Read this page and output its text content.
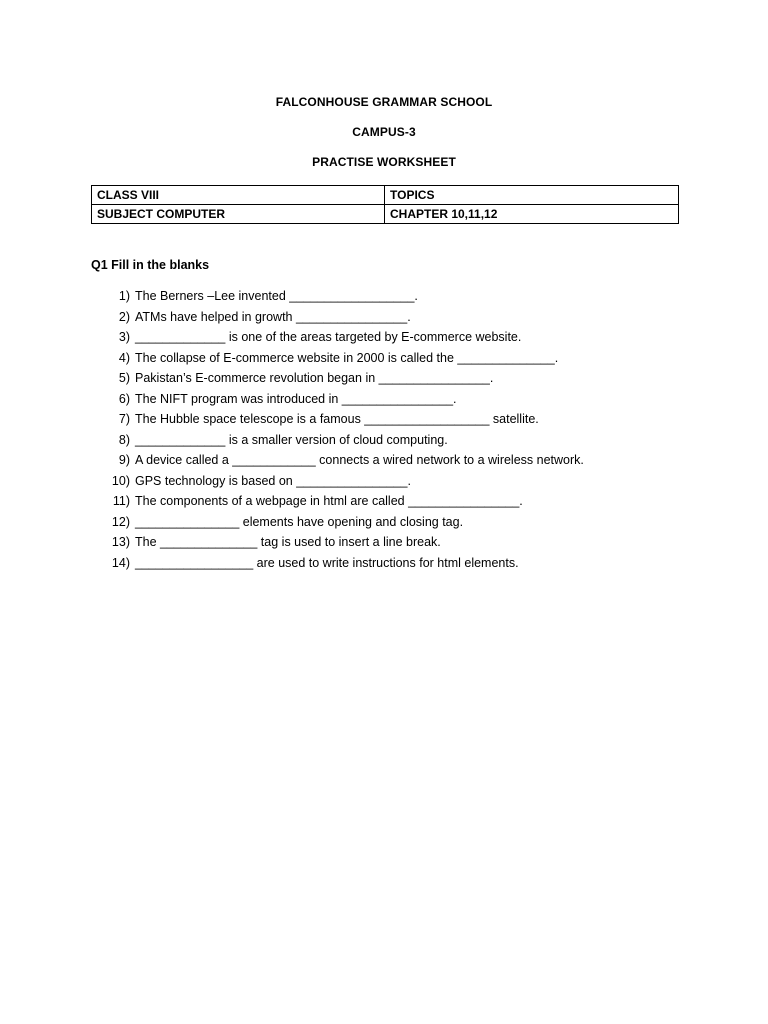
FALCONHOUSE GRAMMAR SCHOOL
CAMPUS-3
PRACTISE WORKSHEET
CLASS VIII	TOPICS
SUBJECT COMPUTER	CHAPTER 10,11,12
Q1 Fill in the blanks
1) The Berners –Lee invented __________________.
2) ATMs have helped in growth ________________.
3) _____________ is one of the areas targeted by E-commerce website.
4) The collapse of E-commerce website in 2000 is called the ______________.
5) Pakistan’s E-commerce revolution began in ________________.
6) The NIFT program was introduced in ________________.
7) The Hubble space telescope is a famous __________________ satellite.
8) _____________ is a smaller version of cloud computing.
9) A device called a ____________ connects a wired network to a wireless network.
10) GPS technology is based on ________________.
11) The components of a webpage in html are called ________________.
12) _______________ elements have opening and closing tag.
13) The ______________ tag is used to insert a line break.
14) _________________ are used to write instructions for html elements.
